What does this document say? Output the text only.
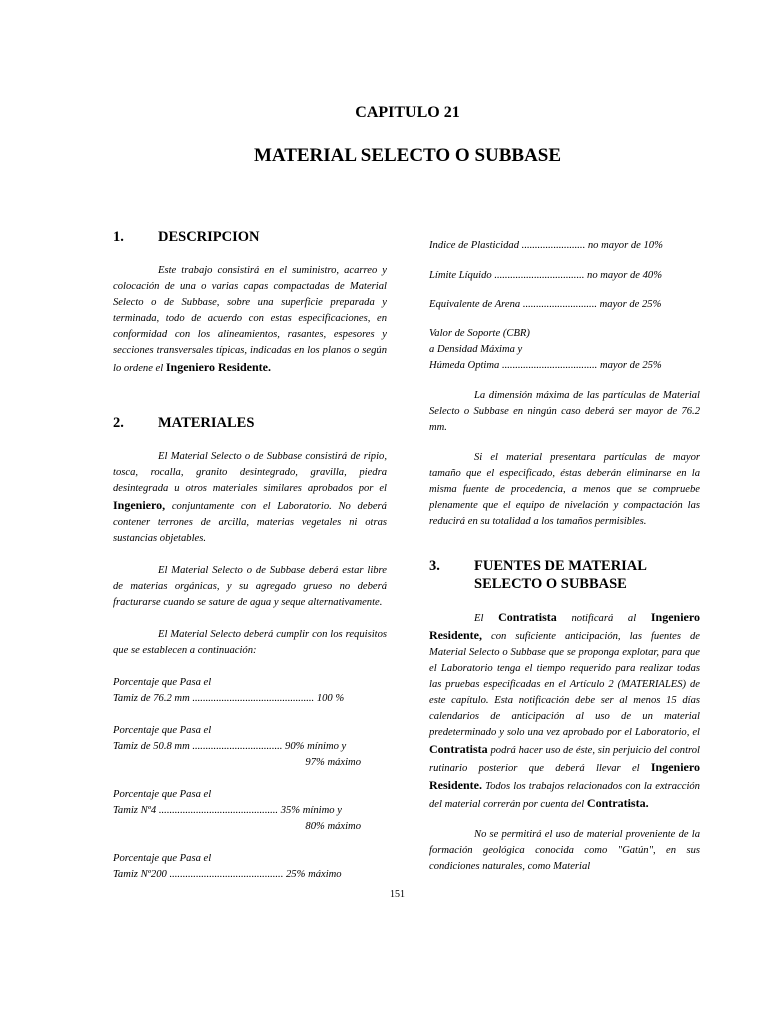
CAPITULO 21
MATERIAL SELECTO O SUBBASE
1.	DESCRIPCION

Este trabajo consistirá en el suministro, acarreo y colocación de una o varias capas compactadas de Material Selecto o de Subbase, sobre una superficie preparada y terminada, todo de acuerdo con estas especificaciones, en conformidad con los alineamientos, rasantes, espesores y secciones transversales típicas, indicadas en los planos o según lo ordene el Ingeniero Residente.

2.	MATERIALES

El Material Selecto o de Subbase consistirá de ripio, tosca, rocalla, granito desintegrado, gravilla, piedra desintegrada u otros materiales similares aprobados por el Ingeniero, conjuntamente con el Laboratorio. No deberá contener terrones de arcilla, materias vegetales ni otras sustancias objetables.

El Material Selecto o de Subbase deberá estar libre de materias orgánicas, y su agregado grueso no deberá fracturarse cuando se sature de agua y seque alternativamente.

El Material Selecto deberá cumplir con los requisitos que se establecen a continuación:

Porcentaje que Pasa el
Tamiz de 76.2 mm .............................................. 100 %
Porcentaje que Pasa el
Tamiz de 50.8 mm .................................. 90% mínimo y
97% máximo
Porcentaje que Pasa el
Tamiz Nº4 ............................................. 35% mínimo y
80% máximo
Porcentaje que Pasa el
Tamiz Nº200 ........................................... 25% máximo
Indice de Plasticidad ........................ no mayor de 10%
Límite Líquido .................................. no mayor de 40%
Equivalente de Arena ............................ mayor de 25%
Valor de Soporte (CBR)
a Densidad Máxima y
Húmeda Optima .................................... mayor de 25%

La dimensión máxima de las partículas de Material Selecto o Subbase en ningún caso deberá ser mayor de 76.2 mm.

Si el material presentara partículas de mayor tamaño que el especificado, éstas deberán eliminarse en la misma fuente de procedencia, a menos que se compruebe plenamente que el equipo de nivelación y compactación las reducirá en su totalidad a los tamaños permisibles.

3.	FUENTES DE MATERIAL
SELECTO O SUBBASE

El Contratista notificará al Ingeniero Residente, con suficiente anticipación, las fuentes de Material Selecto o Subbase que se proponga explotar, para que el Laboratorio tenga el tiempo requerido para realizar todas las pruebas especificadas en el Artículo 2 (MATERIALES) de este capítulo. Esta notificación debe ser al menos 15 días calendarios de anticipación al uso de un material predeterminado y solo una vez aprobado por el Laboratorio, el Contratista podrá hacer uso de éste, sin perjuicio del control rutinario posterior que deberá llevar el Ingeniero Residente. Todos los trabajos relacionados con la extracción del material correrán por cuenta del Contratista.

No se permitirá el uso de material proveniente de la formación geológica conocida como "Gatún", en sus condiciones naturales, como Material

151
